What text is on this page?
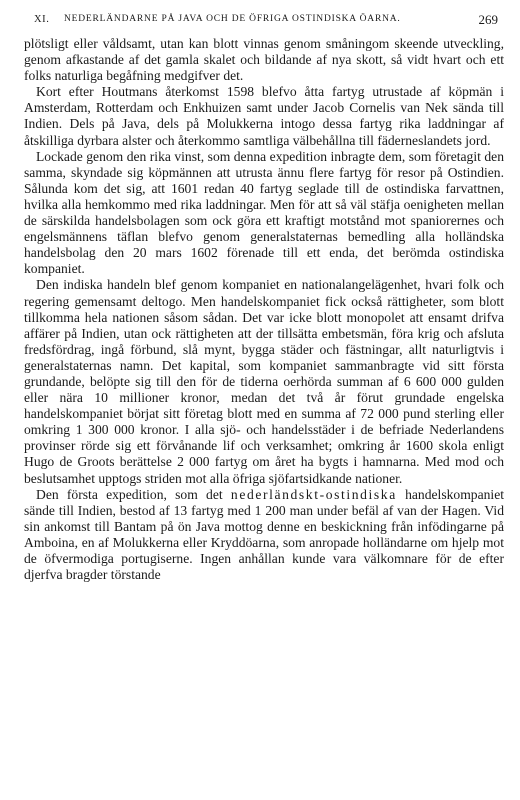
XI. NEDERLÄNDARNE PÅ JAVA OCH DE ÖFRIGA OSTINDISKA ÖARNA.	269

plötsligt eller våldsamt, utan kan blott vinnas genom småningom skeende utveckling, genom afkastande af det gamla skalet och bildande af nya skott, så vidt hvart och ett folks naturliga begåfning medgifver det.

Kort efter Houtmans återkomst 1598 blefvo åtta fartyg utrustade af köpmän i Amsterdam, Rotterdam och Enkhuizen samt under Jacob Cornelis van Nek sända till Indien. Dels på Java, dels på Molukkerna intogo dessa fartyg rika laddningar af åtskilliga dyrbara alster och återkommo samtliga välbehållna till fäderneslandets jord.

Lockade genom den rika vinst, som denna expedition inbragte dem, som företagit den samma, skyndade sig köpmännen att utrusta ännu flere fartyg för resor på Ostindien. Sålunda kom det sig, att 1601 redan 40 fartyg seglade till de ostindiska farvattnen, hvilka alla hemkommo med rika laddningar. Men för att så väl stäfja oenigheten mellan de särskilda handelsbolagen som ock göra ett kraftigt motstånd mot spaniorernes och engelsmännens täflan blefvo genom generalstaternas bemedling alla holländska handelsbolag den 20 mars 1602 förenade till ett enda, det berömda ostindiska kompaniet.

Den indiska handeln blef genom kompaniet en nationalangelägenhet, hvari folk och regering gemensamt deltogo. Men handelskompaniet fick också rättigheter, som blott tillkomma hela nationen såsom sådan. Det var icke blott monopolet att ensamt drifva affärer på Indien, utan ock rättigheten att der tillsätta embetsmän, föra krig och afsluta fredsfördrag, ingå förbund, slå mynt, bygga städer och fästningar, allt naturligtvis i generalstaternas namn. Det kapital, som kompaniet sammanbragte vid sitt första grundande, belöpte sig till den för de tiderna oerhörda summan af 6 600 000 gulden eller nära 10 millioner kronor, medan det två år förut grundade engelska handelskompaniet börjat sitt företag blott med en summa af 72 000 pund sterling eller omkring 1 300 000 kronor. I alla sjö- och handelsstäder i de befriade Nederlandens provinser rörde sig ett förvånande lif och verksamhet; omkring år 1600 skola enligt Hugo de Groots berättelse 2 000 fartyg om året ha bygts i hamnarna. Med mod och beslutsamhet upptogs striden mot alla öfriga sjöfartsidkande nationer.

Den första expedition, som det nederländskt-ostindiska handelskompaniet sände till Indien, bestod af 13 fartyg med 1 200 man under befäl af van der Hagen. Vid sin ankomst till Bantam på ön Java mottog denne en beskickning från infödingarne på Amboina, en af Molukkerna eller Kryddöarna, som anropade holländarne om hjelp mot de öfvermodiga portugiserne. Ingen anhållan kunde vara välkomnare för de efter djerfva bragder törstande
